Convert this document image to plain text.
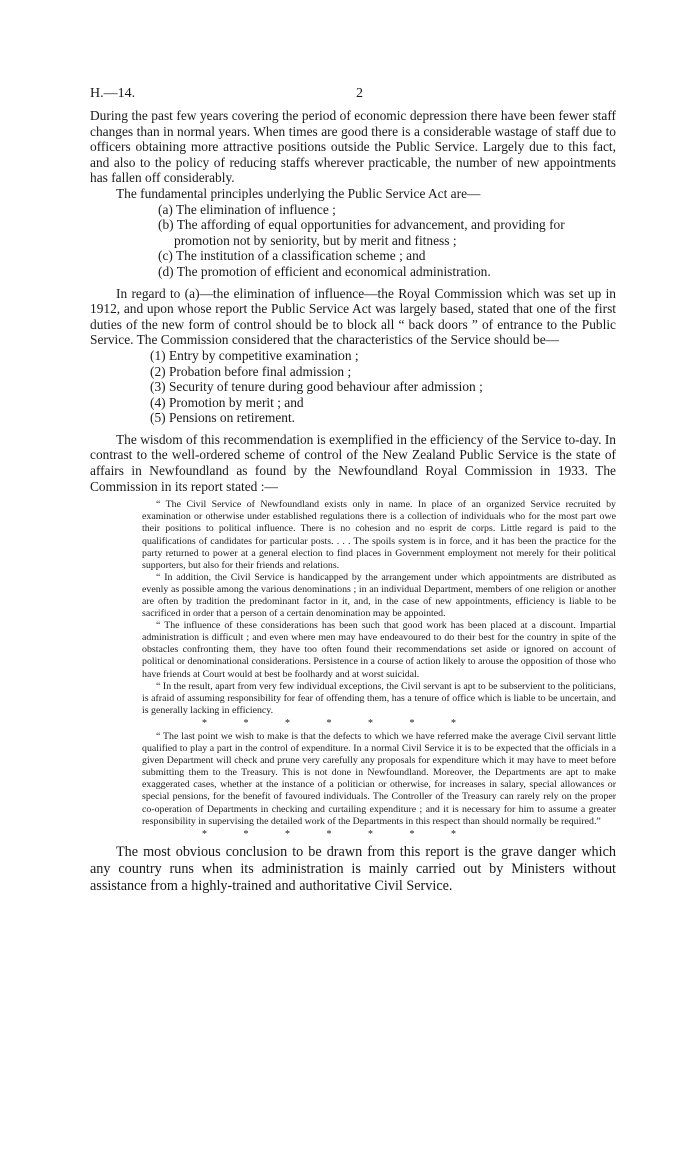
H.—14.	2

During the past few years covering the period of economic depression there have been fewer staff changes than in normal years. When times are good there is a considerable wastage of staff due to officers obtaining more attractive positions outside the Public Service. Largely due to this fact, and also to the policy of reducing staffs wherever practicable, the number of new appointments has fallen off considerably.

The fundamental principles underlying the Public Service Act are—

(a) The elimination of influence ;
(b) The affording of equal opportunities for advancement, and providing for promotion not by seniority, but by merit and fitness ;
(c) The institution of a classification scheme ; and
(d) The promotion of efficient and economical administration.

In regard to (a)—the elimination of influence—the Royal Commission which was set up in 1912, and upon whose report the Public Service Act was largely based, stated that one of the first duties of the new form of control should be to block all “ back doors ” of entrance to the Public Service. The Commission considered that the characteristics of the Service should be—

(1) Entry by competitive examination ;
(2) Probation before final admission ;
(3) Security of tenure during good behaviour after admission ;
(4) Promotion by merit ; and
(5) Pensions on retirement.

The wisdom of this recommendation is exemplified in the efficiency of the Service to-day. In contrast to the well-ordered scheme of control of the New Zealand Public Service is the state of affairs in Newfoundland as found by the Newfoundland Royal Commission in 1933. The Commission in its report stated :—

“ The Civil Service of Newfoundland exists only in name. In place of an organized Service recruited by examination or otherwise under established regulations there is a collection of individuals who for the most part owe their positions to political influence. There is no cohesion and no esprit de corps. Little regard is paid to the qualifications of candidates for particular posts. . . . The spoils system is in force, and it has been the practice for the party returned to power at a general election to find places in Government employment not merely for their political supporters, but also for their friends and relations.

“ In addition, the Civil Service is handicapped by the arrangement under which appointments are distributed as evenly as possible among the various denominations ; in an individual Department, members of one religion or another are often by tradition the predominant factor in it, and, in the case of new appointments, efficiency is liable to be sacrificed in order that a person of a certain denomination may be appointed.

“ The influence of these considerations has been such that good work has been placed at a discount. Impartial administration is difficult ; and even where men may have endeavoured to do their best for the country in spite of the obstacles confronting them, they have too often found their recommendations set aside or ignored on account of political or denominational considerations. Persistence in a course of action likely to arouse the opposition of those who have friends at Court would at best be foolhardy and at worst suicidal.

“ In the result, apart from very few individual exceptions, the Civil servant is apt to be subservient to the politicians, is afraid of assuming responsibility for fear of offending them, has a tenure of office which is liable to be uncertain, and is generally lacking in efficiency.

* * * * * * *

“ The last point we wish to make is that the defects to which we have referred make the average Civil servant little qualified to play a part in the control of expenditure. In a normal Civil Service it is to be expected that the officials in a given Department will check and prune very carefully any proposals for expenditure which it may have to meet before submitting them to the Treasury. This is not done in Newfoundland. Moreover, the Departments are apt to make exaggerated cases, whether at the instance of a politician or otherwise, for increases in salary, special allowances or special pensions, for the benefit of favoured individuals. The Controller of the Treasury can rarely rely on the proper co-operation of Departments in checking and curtailing expenditure ; and it is necessary for him to assume a greater responsibility in supervising the detailed work of the Departments in this respect than should normally be required.”

* * * * * * *

The most obvious conclusion to be drawn from this report is the grave danger which any country runs when its administration is mainly carried out by Ministers without assistance from a highly-trained and authoritative Civil Service.
